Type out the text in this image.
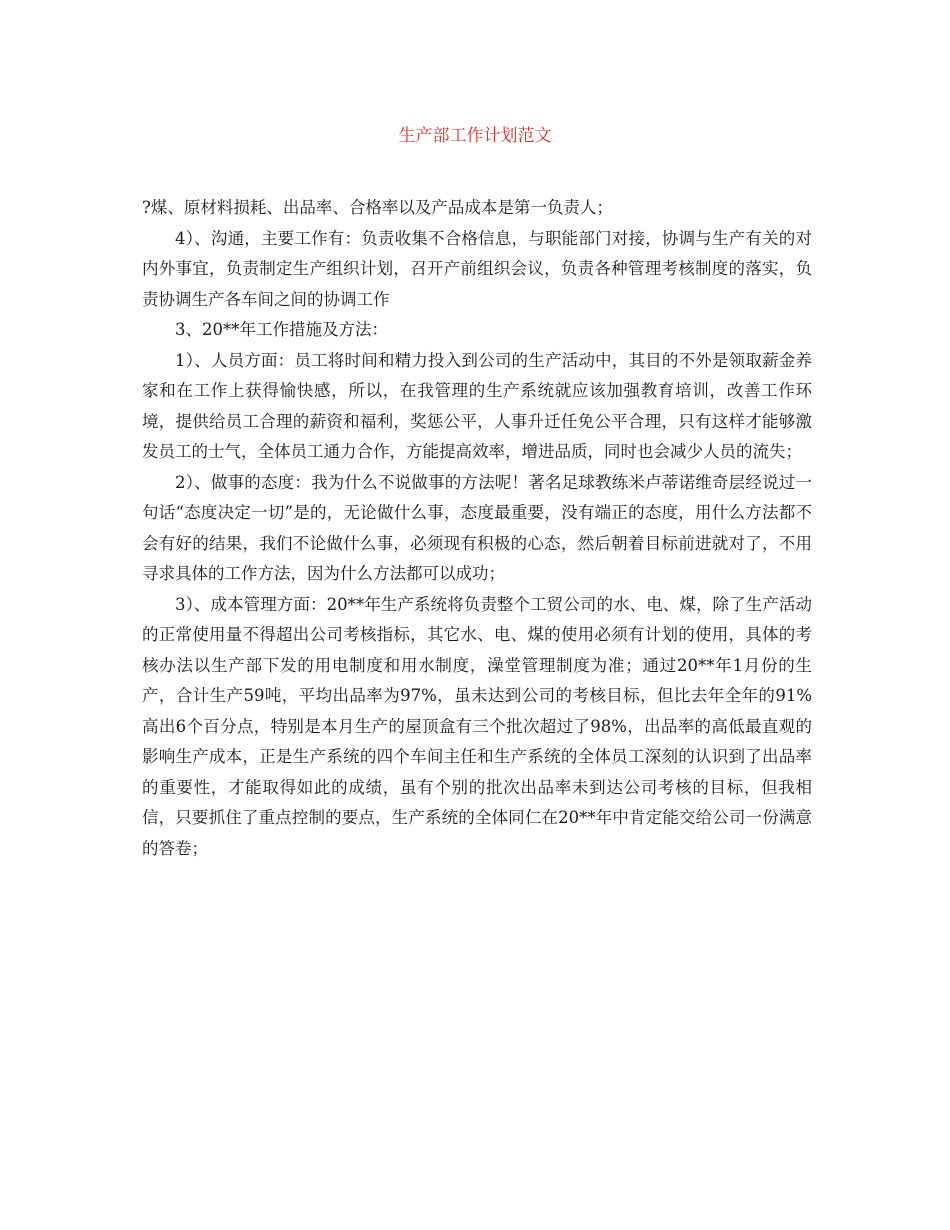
生产部工作计划范文

?煤、原材料损耗、出品率、合格率以及产品成本是第一负责人；

4）、沟通，主要工作有：负责收集不合格信息，与职能部门对接，协调与生产有关的对内外事宜，负责制定生产组织计划，召开产前组织会议，负责各种管理考核制度的落实，负责协调生产各车间之间的协调工作

3、20**年工作措施及方法：

1）、人员方面：员工将时间和精力投入到公司的生产活动中，其目的不外是领取薪金养家和在工作上获得愉快感，所以，在我管理的生产系统就应该加强教育培训，改善工作环境，提供给员工合理的薪资和福利，奖惩公平，人事升迁任免公平合理，只有这样才能够激发员工的士气，全体员工通力合作，方能提高效率，增进品质，同时也会减少人员的流失；

2）、做事的态度：我为什么不说做事的方法呢！著名足球教练米卢蒂诺维奇层经说过一句话“态度决定一切”是的，无论做什么事，态度最重要，没有端正的态度，用什么方法都不会有好的结果，我们不论做什么事，必须现有积极的心态，然后朝着目标前进就对了，不用寻求具体的工作方法，因为什么方法都可以成功；

3）、成本管理方面：20**年生产系统将负责整个工贸公司的水、电、煤，除了生产活动的正常使用量不得超出公司考核指标，其它水、电、煤的使用必须有计划的使用，具体的考核办法以生产部下发的用电制度和用水制度，澡堂管理制度为准；通过20**年1月份的生产，合计生产59吨，平均出品率为97%，虽未达到公司的考核目标，但比去年全年的91%高出6个百分点，特别是本月生产的屋顶盒有三个批次超过了98%，出品率的高低最直观的影响生产成本，正是生产系统的四个车间主任和生产系统的全体员工深刻的认识到了出品率的重要性，才能取得如此的成绩，虽有个别的批次出品率未到达公司考核的目标，但我相信，只要抓住了重点控制的要点，生产系统的全体同仁在20**年中肯定能交给公司一份满意的答卷；
